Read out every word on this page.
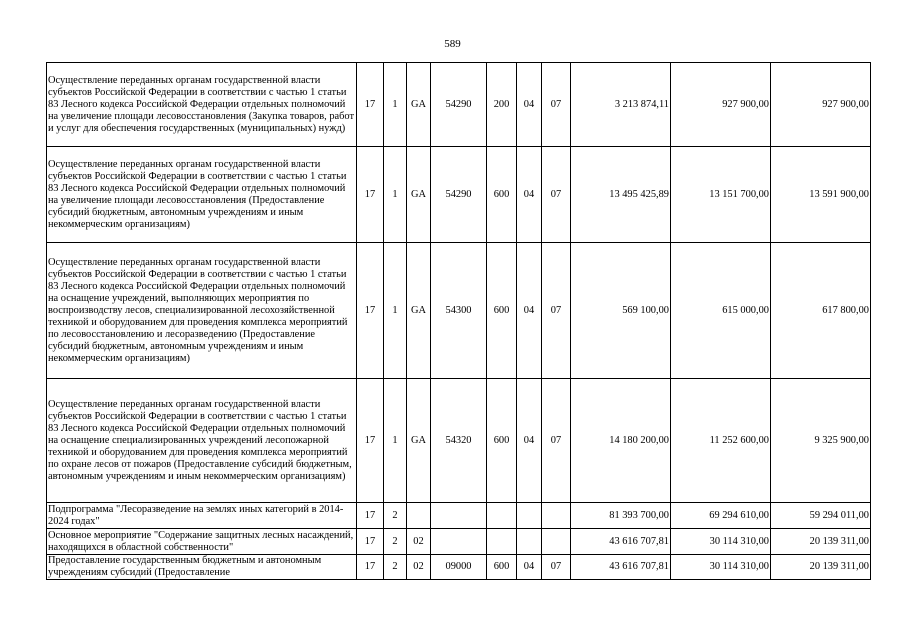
589
Осуществление переданных органам государственной власти субъектов Российской Федерации в соответствии с частью 1 статьи 83 Лесного кодекса Российской Федерации отдельных полномочий на увеличение площади лесовосстановления (Закупка товаров, работ и услуг для обеспечения государственных (муниципальных) нужд)	17	1	GA	54290	200	04	07	3 213 874,11	927 900,00	927 900,00
Осуществление переданных органам государственной власти субъектов Российской Федерации в соответствии с частью 1 статьи 83 Лесного кодекса Российской Федерации отдельных полномочий на увеличение площади лесовосстановления (Предоставление субсидий бюджетным, автономным учреждениям и иным некоммерческим организациям)	17	1	GA	54290	600	04	07	13 495 425,89	13 151 700,00	13 591 900,00
Осуществление переданных органам государственной власти субъектов Российской Федерации в соответствии с частью 1 статьи 83 Лесного кодекса Российской Федерации отдельных полномочий на оснащение учреждений, выполняющих мероприятия по воспроизводству лесов, специализированной лесохозяйственной техникой и оборудованием для проведения комплекса мероприятий по лесовосстановлению и лесоразведению (Предоставление субсидий бюджетным, автономным учреждениям и иным некоммерческим организациям)	17	1	GA	54300	600	04	07	569 100,00	615 000,00	617 800,00
Осуществление переданных органам государственной власти субъектов Российской Федерации в соответствии с частью 1 статьи 83 Лесного кодекса Российской Федерации отдельных полномочий на оснащение специализированных учреждений лесопожарной техникой и оборудованием для проведения комплекса мероприятий по охране лесов от пожаров (Предоставление субсидий бюджетным, автономным учреждениям и иным некоммерческим организациям)	17	1	GA	54320	600	04	07	14 180 200,00	11 252 600,00	9 325 900,00
Подпрограмма "Лесоразведение на землях иных категорий в 2014-2024 годах"	17	2						81 393 700,00	69 294 610,00	59 294 011,00
Основное мероприятие "Содержание защитных лесных насаждений, находящихся в областной собственности"	17	2	02					43 616 707,81	30 114 310,00	20 139 311,00
Предоставление государственным бюджетным и автономным учреждениям субсидий (Предоставление	17	2	02	09000	600	04	07	43 616 707,81	30 114 310,00	20 139 311,00
